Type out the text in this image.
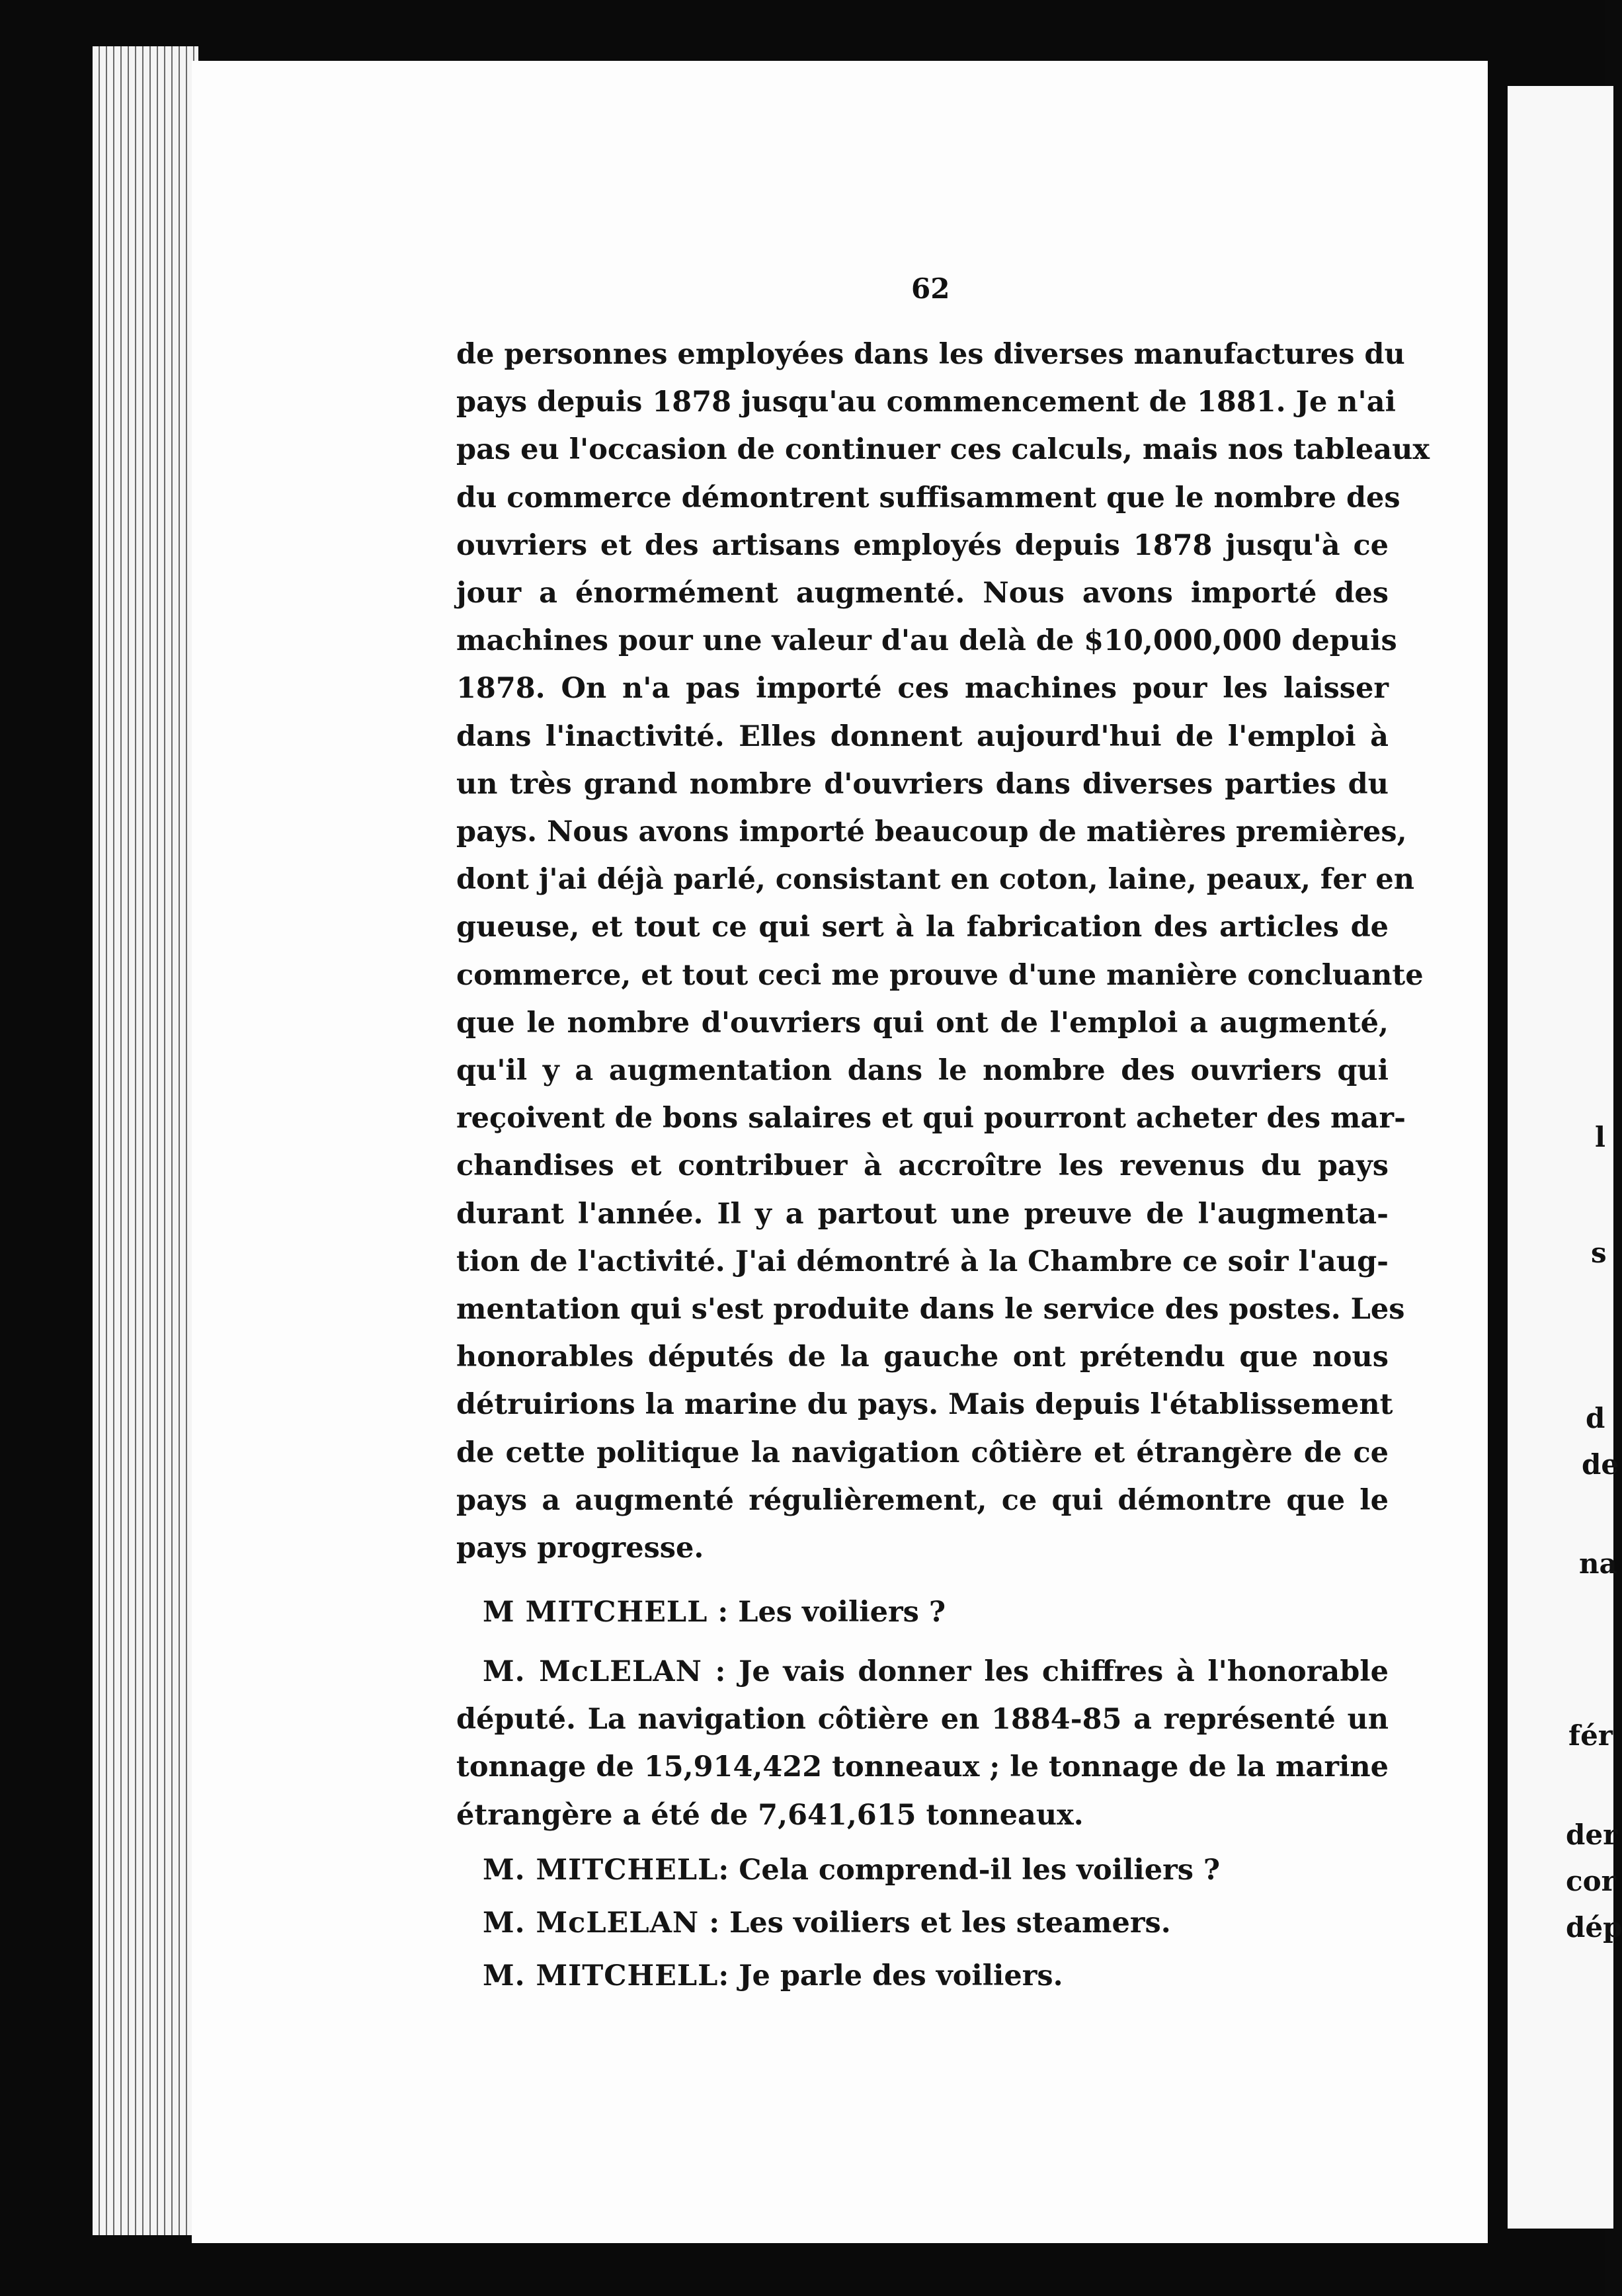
l
s
d
de
na
fér
der
cor
dép
62
de personnes employées dans les diverses manufactures du
pays depuis 1878 jusqu'au commencement de 1881. Je n'ai
pas eu l'occasion de continuer ces calculs, mais nos tableaux
du commerce démontrent suffisamment que le nombre des
ouvriers et des artisans employés depuis 1878 jusqu'à ce
jour a énormément augmenté. Nous avons importé des
machines pour une valeur d'au delà de $10,000,000 depuis
1878. On n'a pas importé ces machines pour les laisser
dans l'inactivité. Elles donnent aujourd'hui de l'emploi à
un très grand nombre d'ouvriers dans diverses parties du
pays. Nous avons importé beaucoup de matières premières,
dont j'ai déjà parlé, consistant en coton, laine, peaux, fer en
gueuse, et tout ce qui sert à la fabrication des articles de
commerce, et tout ceci me prouve d'une manière concluante
que le nombre d'ouvriers qui ont de l'emploi a augmenté,
qu'il y a augmentation dans le nombre des ouvriers qui
reçoivent de bons salaires et qui pourront acheter des mar-
chandises et contribuer à accroître les revenus du pays
durant l'année. Il y a partout une preuve de l'augmenta-
tion de l'activité. J'ai démontré à la Chambre ce soir l'aug-
mentation qui s'est produite dans le service des postes. Les
honorables députés de la gauche ont prétendu que nous
détruirions la marine du pays. Mais depuis l'établissement
de cette politique la navigation côtière et étrangère de ce
pays a augmenté régulièrement, ce qui démontre que le
pays progresse.
M MITCHELL : Les voiliers ?
M. McLELAN : Je vais donner les chiffres à l'honorable
député. La navigation côtière en 1884-85 a représenté un
tonnage de 15,914,422 tonneaux ; le tonnage de la marine
étrangère a été de 7,641,615 tonneaux.
M. MITCHELL: Cela comprend-il les voiliers ?
M. McLELAN : Les voiliers et les steamers.
M. MITCHELL: Je parle des voiliers.
